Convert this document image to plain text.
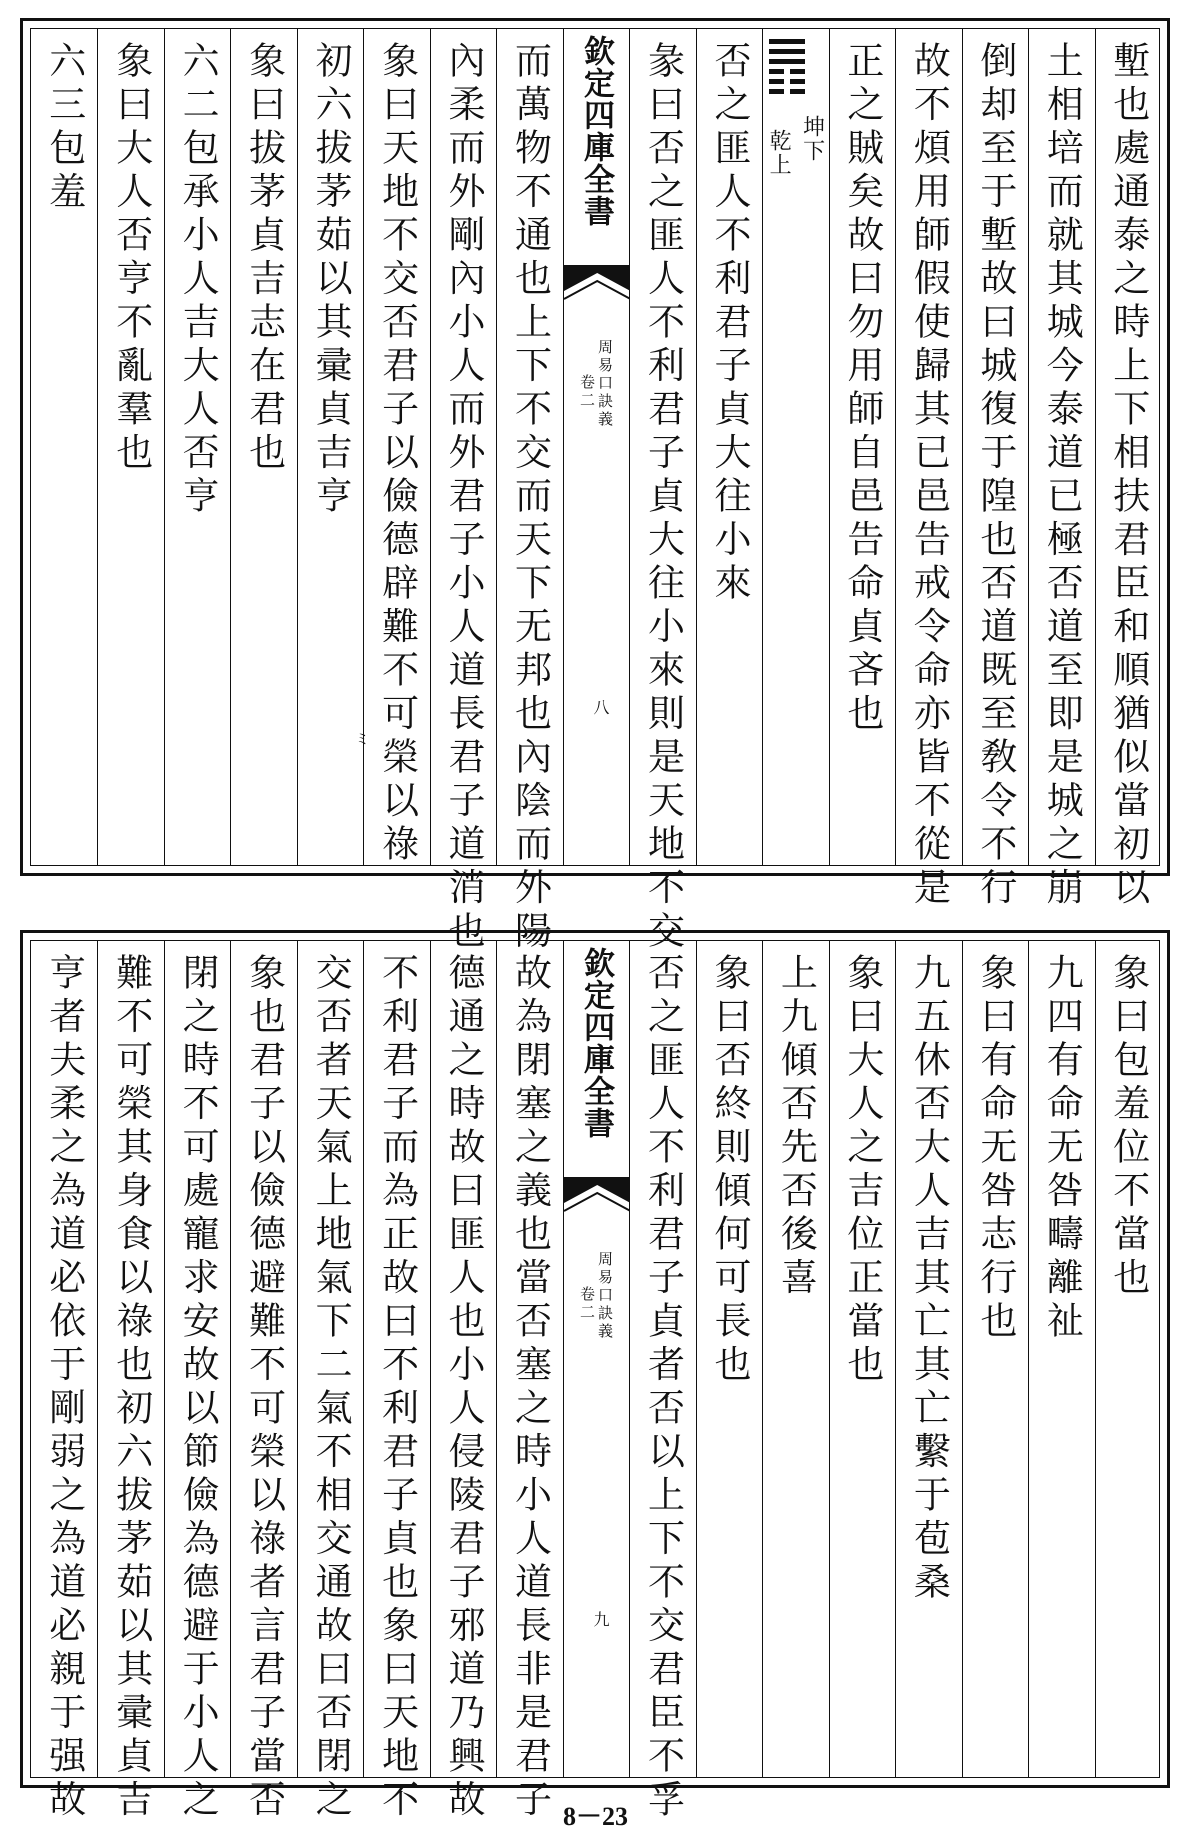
塹也處通泰之時上下相扶君臣和順猶似當初以
土相培而就其城今泰道已極否道至即是城之崩
倒却至于塹故曰城復于隍也否道既至敎令不行
故不煩用師假使歸其已邑告戒令命亦皆不從是
正之賊矣故曰勿用師自邑告命貞吝也
坤下
乾上
否之匪人不利君子貞大往小來
彖曰否之匪人不利君子貞大往小來則是天地不交
欽定四庫全書
周易口訣義
卷二
八
而萬物不通也上下不交而天下无邦也內陰而外陽
內柔而外剛內小人而外君子小人道長君子道消也
象曰天地不交否君子以儉德辟難不可榮以祿
初六拔茅茹以其彚貞吉亨
ミ
象曰拔茅貞吉志在君也
六二包承小人吉大人否亨
象曰大人否亨不亂羣也
六三包羞
象曰包羞位不當也
九四有命无咎疇離祉
象曰有命无咎志行也
九五休否大人吉其亡其亡繫于苞桑
象曰大人之吉位正當也
上九傾否先否後喜
象曰否終則傾何可長也
否之匪人不利君子貞者否以上下不交君臣不孚
欽定四庫全書
周易口訣義
卷二
九
故為閉塞之義也當否塞之時小人道長非是君子
德通之時故曰匪人也小人侵陵君子邪道乃興故
不利君子而為正故曰不利君子貞也象曰天地不
交否者天氣上地氣下二氣不相交通故曰否閉之
象也君子以儉德避難不可榮以祿者言君子當否
閉之時不可處寵求安故以節儉為德避于小人之
難不可榮其身食以祿也初六拔茅茹以其彚貞吉
亨者夫柔之為道必依于剛弱之為道必親于强故	8－23
